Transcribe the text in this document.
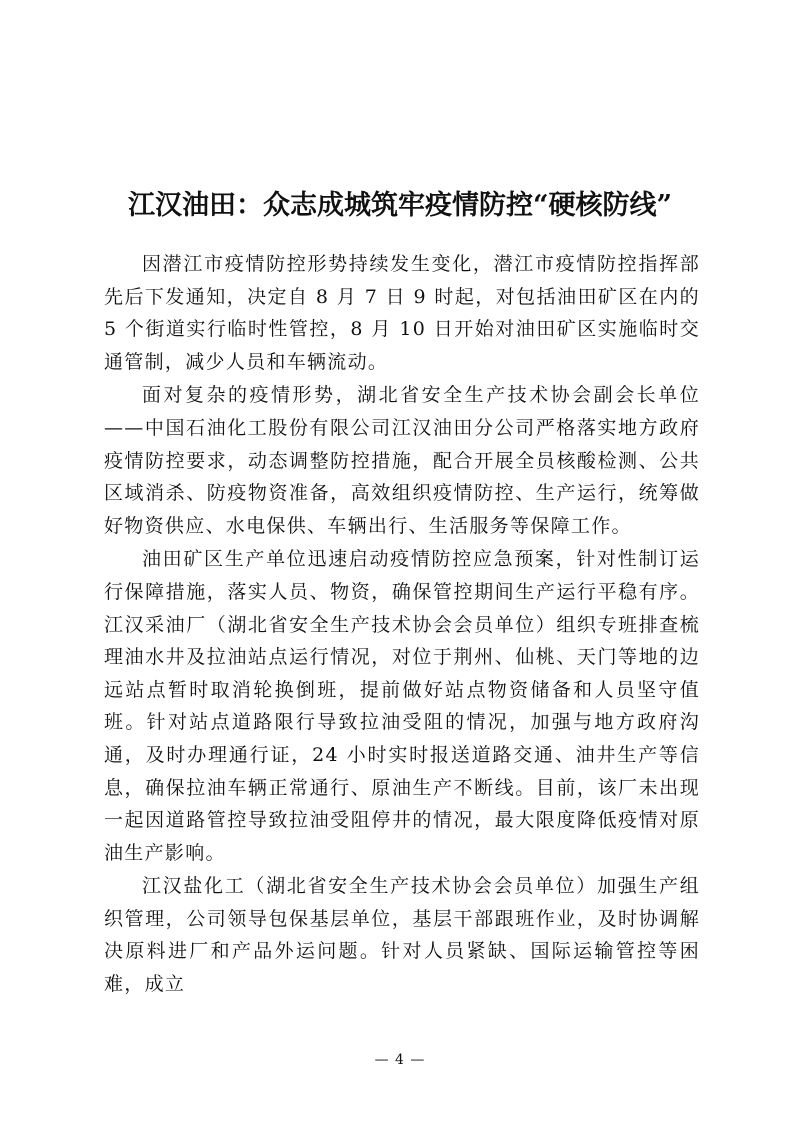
江汉油田：众志成城筑牢疫情防控“硬核防线”

因潜江市疫情防控形势持续发生变化，潜江市疫情防控指挥部先后下发通知，决定自 8 月 7 日 9 时起，对包括油田矿区在内的 5 个街道实行临时性管控，8 月 10 日开始对油田矿区实施临时交通管制，减少人员和车辆流动。

面对复杂的疫情形势，湖北省安全生产技术协会副会长单位——中国石油化工股份有限公司江汉油田分公司严格落实地方政府疫情防控要求，动态调整防控措施，配合开展全员核酸检测、公共区域消杀、防疫物资准备，高效组织疫情防控、生产运行，统筹做好物资供应、水电保供、车辆出行、生活服务等保障工作。

油田矿区生产单位迅速启动疫情防控应急预案，针对性制订运行保障措施，落实人员、物资，确保管控期间生产运行平稳有序。江汉采油厂（湖北省安全生产技术协会会员单位）组织专班排查梳理油水井及拉油站点运行情况，对位于荆州、仙桃、天门等地的边远站点暂时取消轮换倒班，提前做好站点物资储备和人员坚守值班。针对站点道路限行导致拉油受阻的情况，加强与地方政府沟通，及时办理通行证，24 小时实时报送道路交通、油井生产等信息，确保拉油车辆正常通行、原油生产不断线。目前，该厂未出现一起因道路管控导致拉油受阻停井的情况，最大限度降低疫情对原油生产影响。

江汉盐化工（湖北省安全生产技术协会会员单位）加强生产组织管理，公司领导包保基层单位，基层干部跟班作业，及时协调解决原料进厂和产品外运问题。针对人员紧缺、国际运输管控等困难，成立

— 4 —
